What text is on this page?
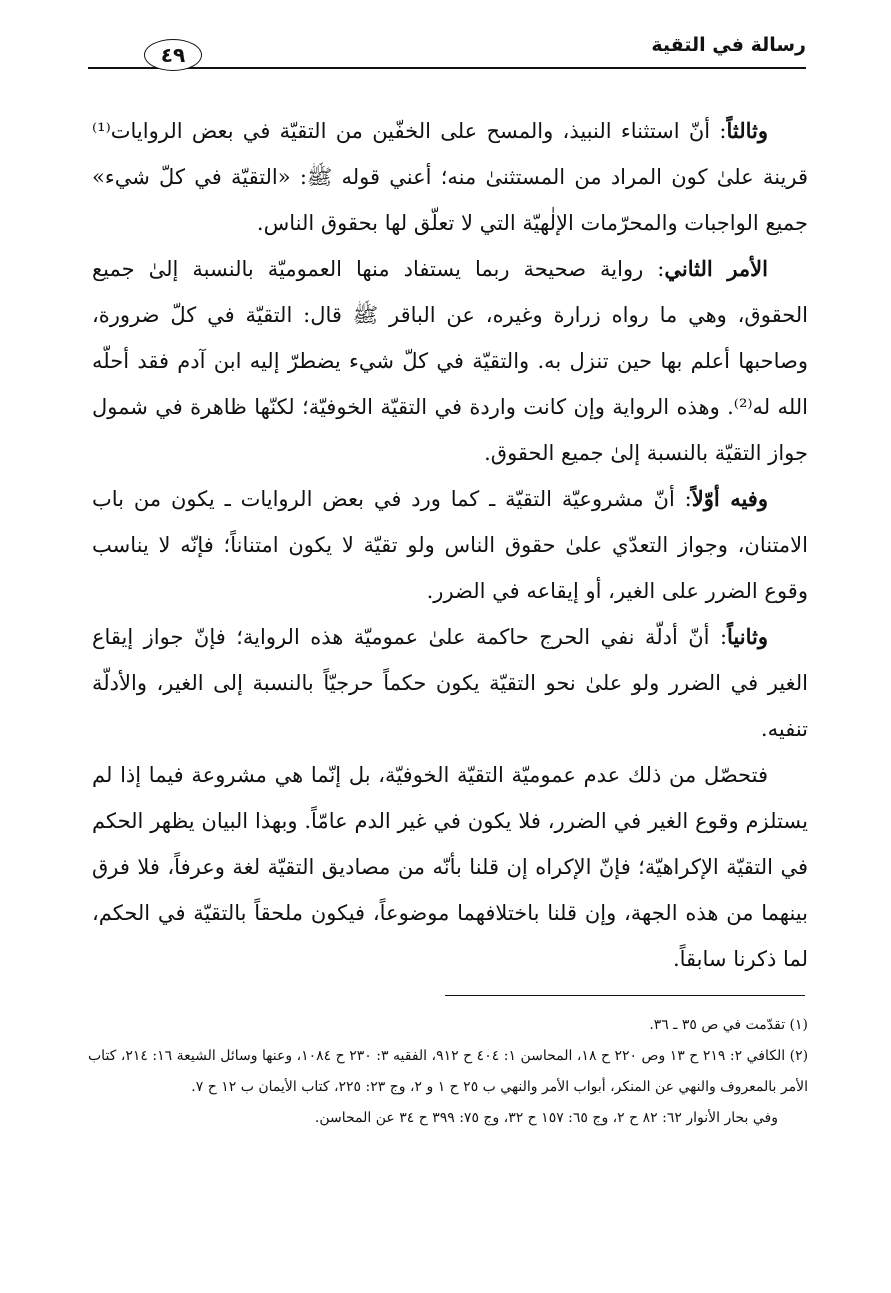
رسالة في التقية
٤٩

وثالثاً: أنّ استثناء النبيذ، والمسح على الخفّين من التقيّة في بعض الروايات⁽¹⁾ قرينة علىٰ كون المراد من المستثنىٰ منه؛ أعني قوله ﷺ: «التقيّة في كلّ شيء» جميع الواجبات والمحرّمات الإلٰهيّة التي لا تعلّق لها بحقوق الناس.

الأمر الثاني: رواية صحيحة ربما يستفاد منها العموميّة بالنسبة إلىٰ جميع الحقوق، وهي ما رواه زرارة وغيره، عن الباقر ﷺ قال: التقيّة في كلّ ضرورة، وصاحبها أعلم بها حين تنزل به. والتقيّة في كلّ شيء يضطرّ إليه ابن آدم فقد أحلّه الله له⁽²⁾. وهذه الرواية وإن كانت واردة في التقيّة الخوفيّة؛ لكنّها ظاهرة في شمول جواز التقيّة بالنسبة إلىٰ جميع الحقوق.

وفيه أوّلاً: أنّ مشروعيّة التقيّة ـ كما ورد في بعض الروايات ـ يكون من باب الامتنان، وجواز التعدّي علىٰ حقوق الناس ولو تقيّة لا يكون امتناناً؛ فإنّه لا يناسب وقوع الضرر على الغير، أو إيقاعه في الضرر.

وثانياً: أنّ أدلّة نفي الحرج حاكمة علىٰ عموميّة هذه الرواية؛ فإنّ جواز إيقاع الغير في الضرر ولو علىٰ نحو التقيّة يكون حكماً حرجيّاً بالنسبة إلى الغير، والأدلّة تنفيه.

فتحصّل من ذلك عدم عموميّة التقيّة الخوفيّة، بل إنّما هي مشروعة فيما إذا لم يستلزم وقوع الغير في الضرر، فلا يكون في غير الدم عامّاً. وبهذا البيان يظهر الحكم في التقيّة الإكراهيّة؛ فإنّ الإكراه إن قلنا بأنّه من مصاديق التقيّة لغة وعرفاً، فلا فرق بينهما من هذه الجهة، وإن قلنا باختلافهما موضوعاً، فيكون ملحقاً بالتقيّة في الحكم، لما ذكرنا سابقاً.

(١) تقدّمت في ص ٣٥ ـ ٣٦.

(٢) الكافي ٢: ٢١٩ ح ١٣ وص ٢٢٠ ح ١٨، المحاسن ١: ٤٠٤ ح ٩١٢، الفقيه ٣: ٢٣٠ ح ١٠٨٤، وعنها وسائل الشيعة ١٦: ٢١٤، كتاب الأمر بالمعروف والنهي عن المنكر، أبواب الأمر والنهي ب ٢٥ ح ١ و ٢، وج ٢٣: ٢٢٥، كتاب الأيمان ب ١٢ ح ٧.

وفي بحار الأنوار ٦٢: ٨٢ ح ٢، وج ٦٥: ١٥٧ ح ٣٢، وج ٧٥: ٣٩٩ ح ٣٤ عن المحاسن.
